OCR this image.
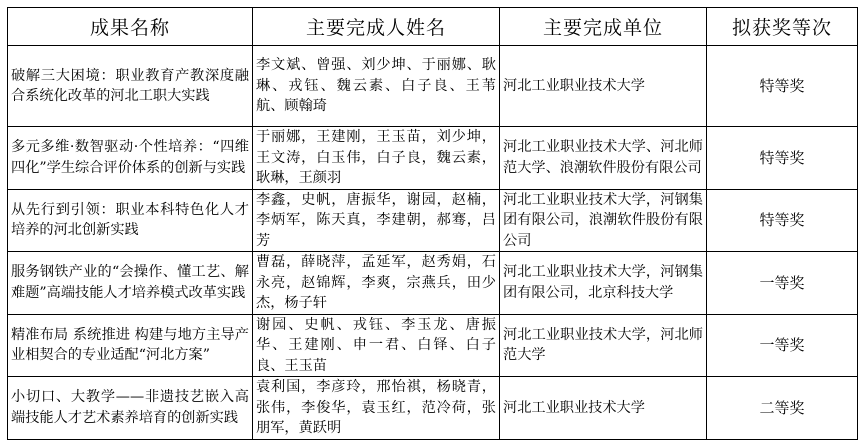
成果名称	主要完成人姓名	主要完成单位	拟获奖等次
破解三大困境：职业教育产教深度融合系统化改革的河北工职大实践	李文斌、曾强、刘少坤、于丽娜、耿琳、戎钰、魏云素、白子良、王苇航、顾翰琦	河北工业职业技术大学	特等奖
多元多维·数智驱动·个性培养：“四维四化”学生综合评价体系的创新与实践	于丽娜，王建刚，王玉苗，刘少坤，王文涛，白玉伟，白子良，魏云素，耿琳，王颜羽	河北工业职业技术大学、河北师范大学、浪潮软件股份有限公司	特等奖
从先行到引领：职业本科特色化人才培养的河北创新实践	李鑫，史帆，唐振华，谢园，赵楠，李炳军，陈天真，李建朝，郝骞，吕芳	河北工业职业技术大学，河钢集团有限公司，浪潮软件股份有限公司	特等奖
服务钢铁产业的“会操作、懂工艺、解难题”高端技能人才培养模式改革实践	曹磊，薛晓萍，孟延军，赵秀娟，石永亮，赵锦辉，李爽，宗燕兵，田少杰，杨子轩	河北工业职业技术大学，河钢集团有限公司，北京科技大学	一等奖
精准布局 系统推进 构建与地方主导产业相契合的专业适配“河北方案”	谢园、史帆、戎钰、李玉龙、唐振华、王建刚、申一君、白铎、白子良、王玉苗	河北工业职业技术大学，河北师范大学	一等奖
小切口、大教学——非遗技艺嵌入高端技能人才艺术素养培育的创新实践	袁利国，李彦玲，邢怡祺，杨晓青，张伟，李俊华，袁玉红，范冷荷，张朋军，黄跃明	河北工业职业技术大学	二等奖
